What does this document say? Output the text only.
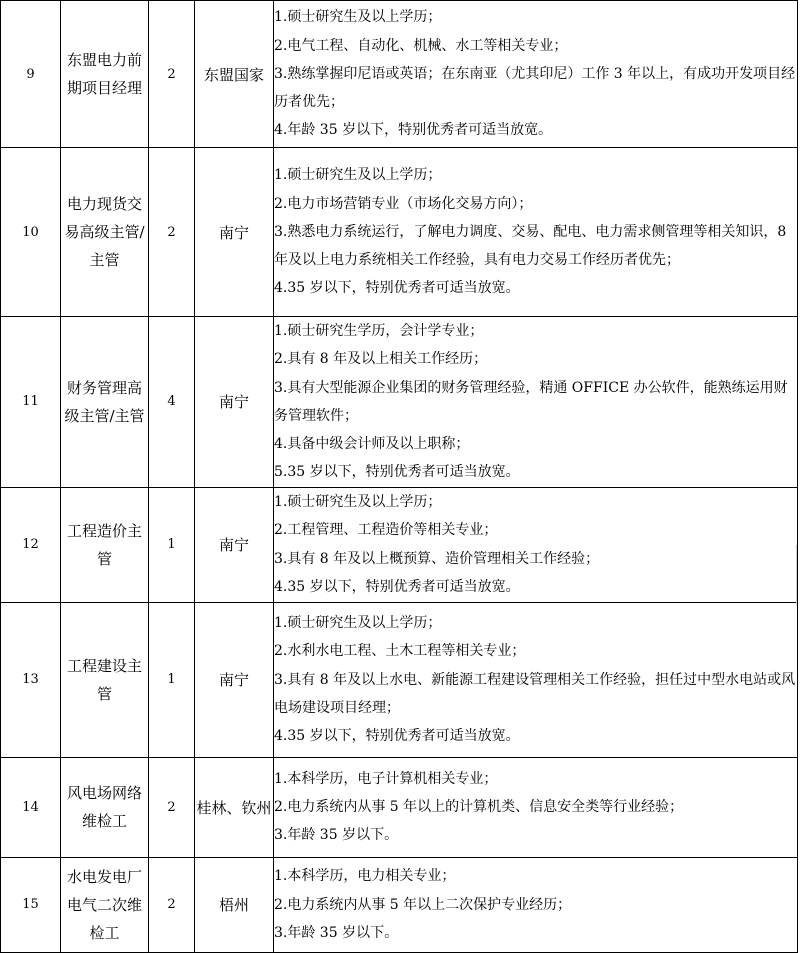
9	东盟电力前期项目经理	2	东盟国家	1.硕士研究生及以上学历；
2.电气工程、自动化、机械、水工等相关专业；
3.熟练掌握印尼语或英语；在东南亚（尤其印尼）工作 3 年以上，有成功开发项目经历者优先；
4.年龄 35 岁以下，特别优秀者可适当放宽。

10	电力现货交易高级主管/主管	2	南宁	1.硕士研究生及以上学历；
2.电力市场营销专业（市场化交易方向）；
3.熟悉电力系统运行，了解电力调度、交易、配电、电力需求侧管理等相关知识，8 年及以上电力系统相关工作经验，具有电力交易工作经历者优先；
4.35 岁以下，特别优秀者可适当放宽。

11	财务管理高级主管/主管	4	南宁	1.硕士研究生学历，会计学专业；
2.具有 8 年及以上相关工作经历；
3.具有大型能源企业集团的财务管理经验，精通 OFFICE 办公软件，能熟练运用财务管理软件；
4.具备中级会计师及以上职称；
5.35 岁以下，特别优秀者可适当放宽。

12	工程造价主管	1	南宁	1.硕士研究生及以上学历；
2.工程管理、工程造价等相关专业；
3.具有 8 年及以上概预算、造价管理相关工作经验；
4.35 岁以下，特别优秀者可适当放宽。

13	工程建设主管	1	南宁	1.硕士研究生及以上学历；
2.水利水电工程、土木工程等相关专业；
3.具有 8 年及以上水电、新能源工程建设管理相关工作经验，担任过中型水电站或风电场建设项目经理；
4.35 岁以下，特别优秀者可适当放宽。

14	风电场网络维检工	2	桂林、钦州	1.本科学历，电子计算机相关专业；
2.电力系统内从事 5 年以上的计算机类、信息安全类等行业经验；
3.年龄 35 岁以下。

15	水电发电厂电气二次维检工	2	梧州	1.本科学历，电力相关专业；
2.电力系统内从事 5 年以上二次保护专业经历；
3.年龄 35 岁以下。
